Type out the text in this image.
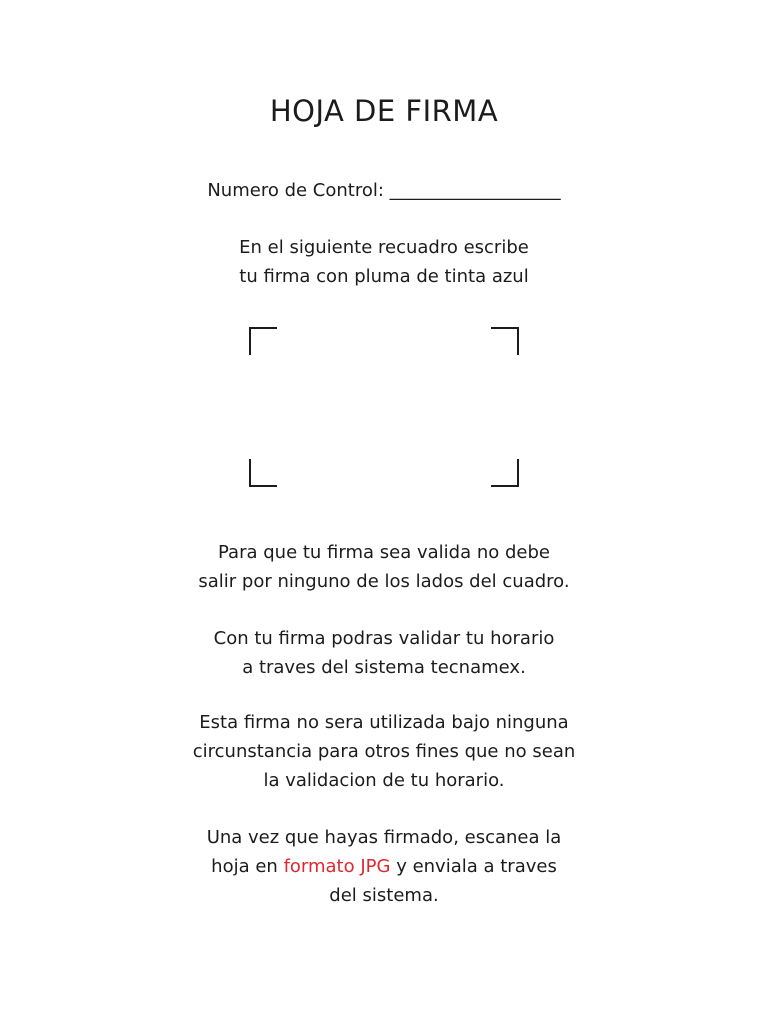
HOJA DE FIRMA
Numero de Control: ___________________
En el siguiente recuadro escribe
tu firma con pluma de tinta azul
Para que tu firma sea valida no debe
salir por ninguno de los lados del cuadro.
Con tu firma podras validar tu horario
a traves del sistema tecnamex.
Esta firma no sera utilizada bajo ninguna
circunstancia para otros fines que no sean
la validacion de tu horario.
Una vez que hayas firmado, escanea la
hoja en formato JPG y enviala a traves
del sistema.
